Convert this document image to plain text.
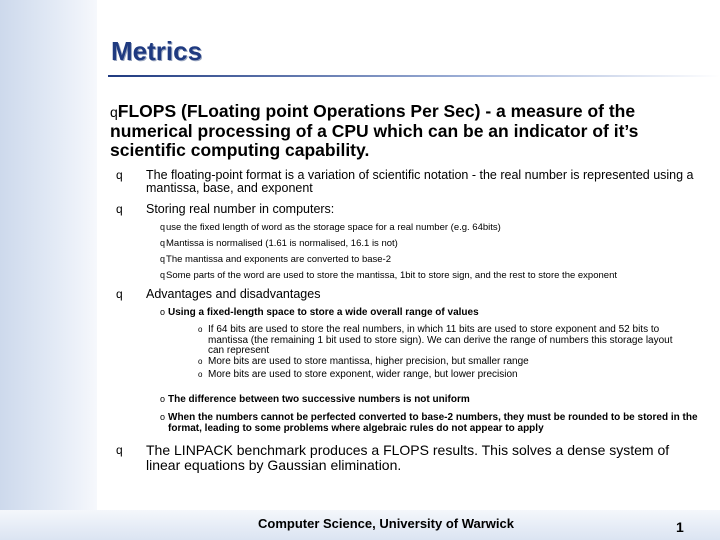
Metrics

qFLOPS (FLoating point Operations Per Sec) - a measure of the numerical processing of a CPU which can be an indicator of it’s scientific computing capability.

q The floating-point format is a variation of scientific notation - the real number is represented using a mantissa, base, and exponent
q Storing real number in computers:
quse the fixed length of word as the storage space for a real number (e.g. 64bits)
qMantissa is normalised (1.61 is normalised, 16.1 is not)
qThe mantissa and exponents are converted to base-2
qSome parts of the word are used to store the mantissa, 1bit to store sign, and the rest to store the exponent
q Advantages and disadvantages
o Using a fixed-length space to store a wide overall range of values
o If 64 bits are used to store the real numbers, in which 11 bits are used to store exponent and 52 bits to mantissa (the remaining 1 bit used to store sign). We can derive the range of numbers this storage layout can represent
o More bits are used to store mantissa, higher precision, but smaller range
o More bits are used to store exponent, wider range, but lower precision
o The difference between two successive numbers is not uniform
o When the numbers cannot be perfected converted to base-2 numbers, they must be rounded to be stored in the format, leading to some problems where algebraic rules do not appear to apply
q The LINPACK benchmark produces a FLOPS results. This solves a dense system of linear equations by Gaussian elimination.

Computer Science, University of Warwick	1
